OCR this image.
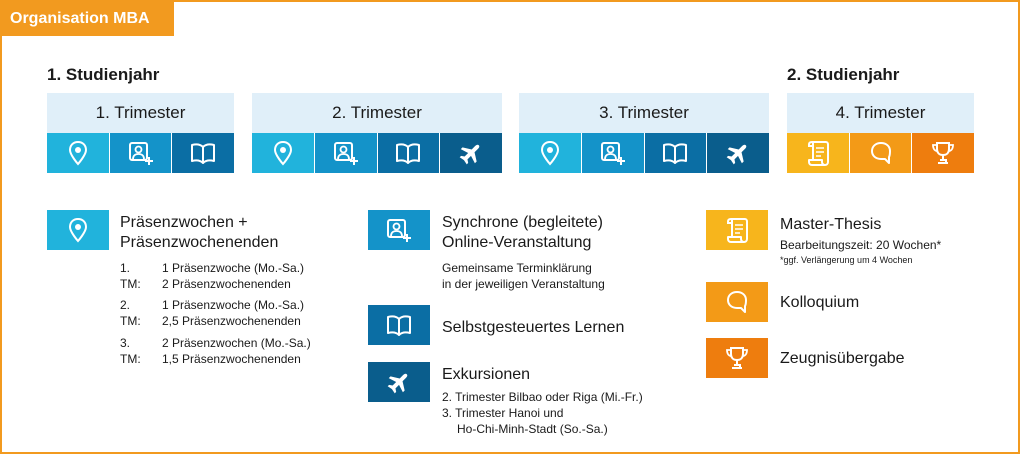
Organisation MBA
1. Studienjahr	2. Studienjahr
1. Trimester	2. Trimester	3. Trimester	4. Trimester
Präsenzwochen +
Präsenzwochenenden
1. TM:
1 Präsenzwoche (Mo.-Sa.)
2 Präsenzwochenenden
2. TM:
1 Präsenzwoche (Mo.-Sa.)
2,5 Präsenzwochenenden
3. TM:
2 Präsenzwochen (Mo.-Sa.)
1,5 Präsenzwochenenden
Synchrone (begleitete)
Online-Veranstaltung
Gemeinsame Terminklärung
in der jeweiligen Veranstaltung
Selbstgesteuertes Lernen
Exkursionen
2. Trimester Bilbao oder Riga (Mi.-Fr.)
3. Trimester Hanoi und
Ho-Chi-Minh-Stadt (So.-Sa.)
Master-Thesis
Bearbeitungszeit: 20 Wochen*
*ggf. Verlängerung um 4 Wochen
Kolloquium
Zeugnisübergabe
